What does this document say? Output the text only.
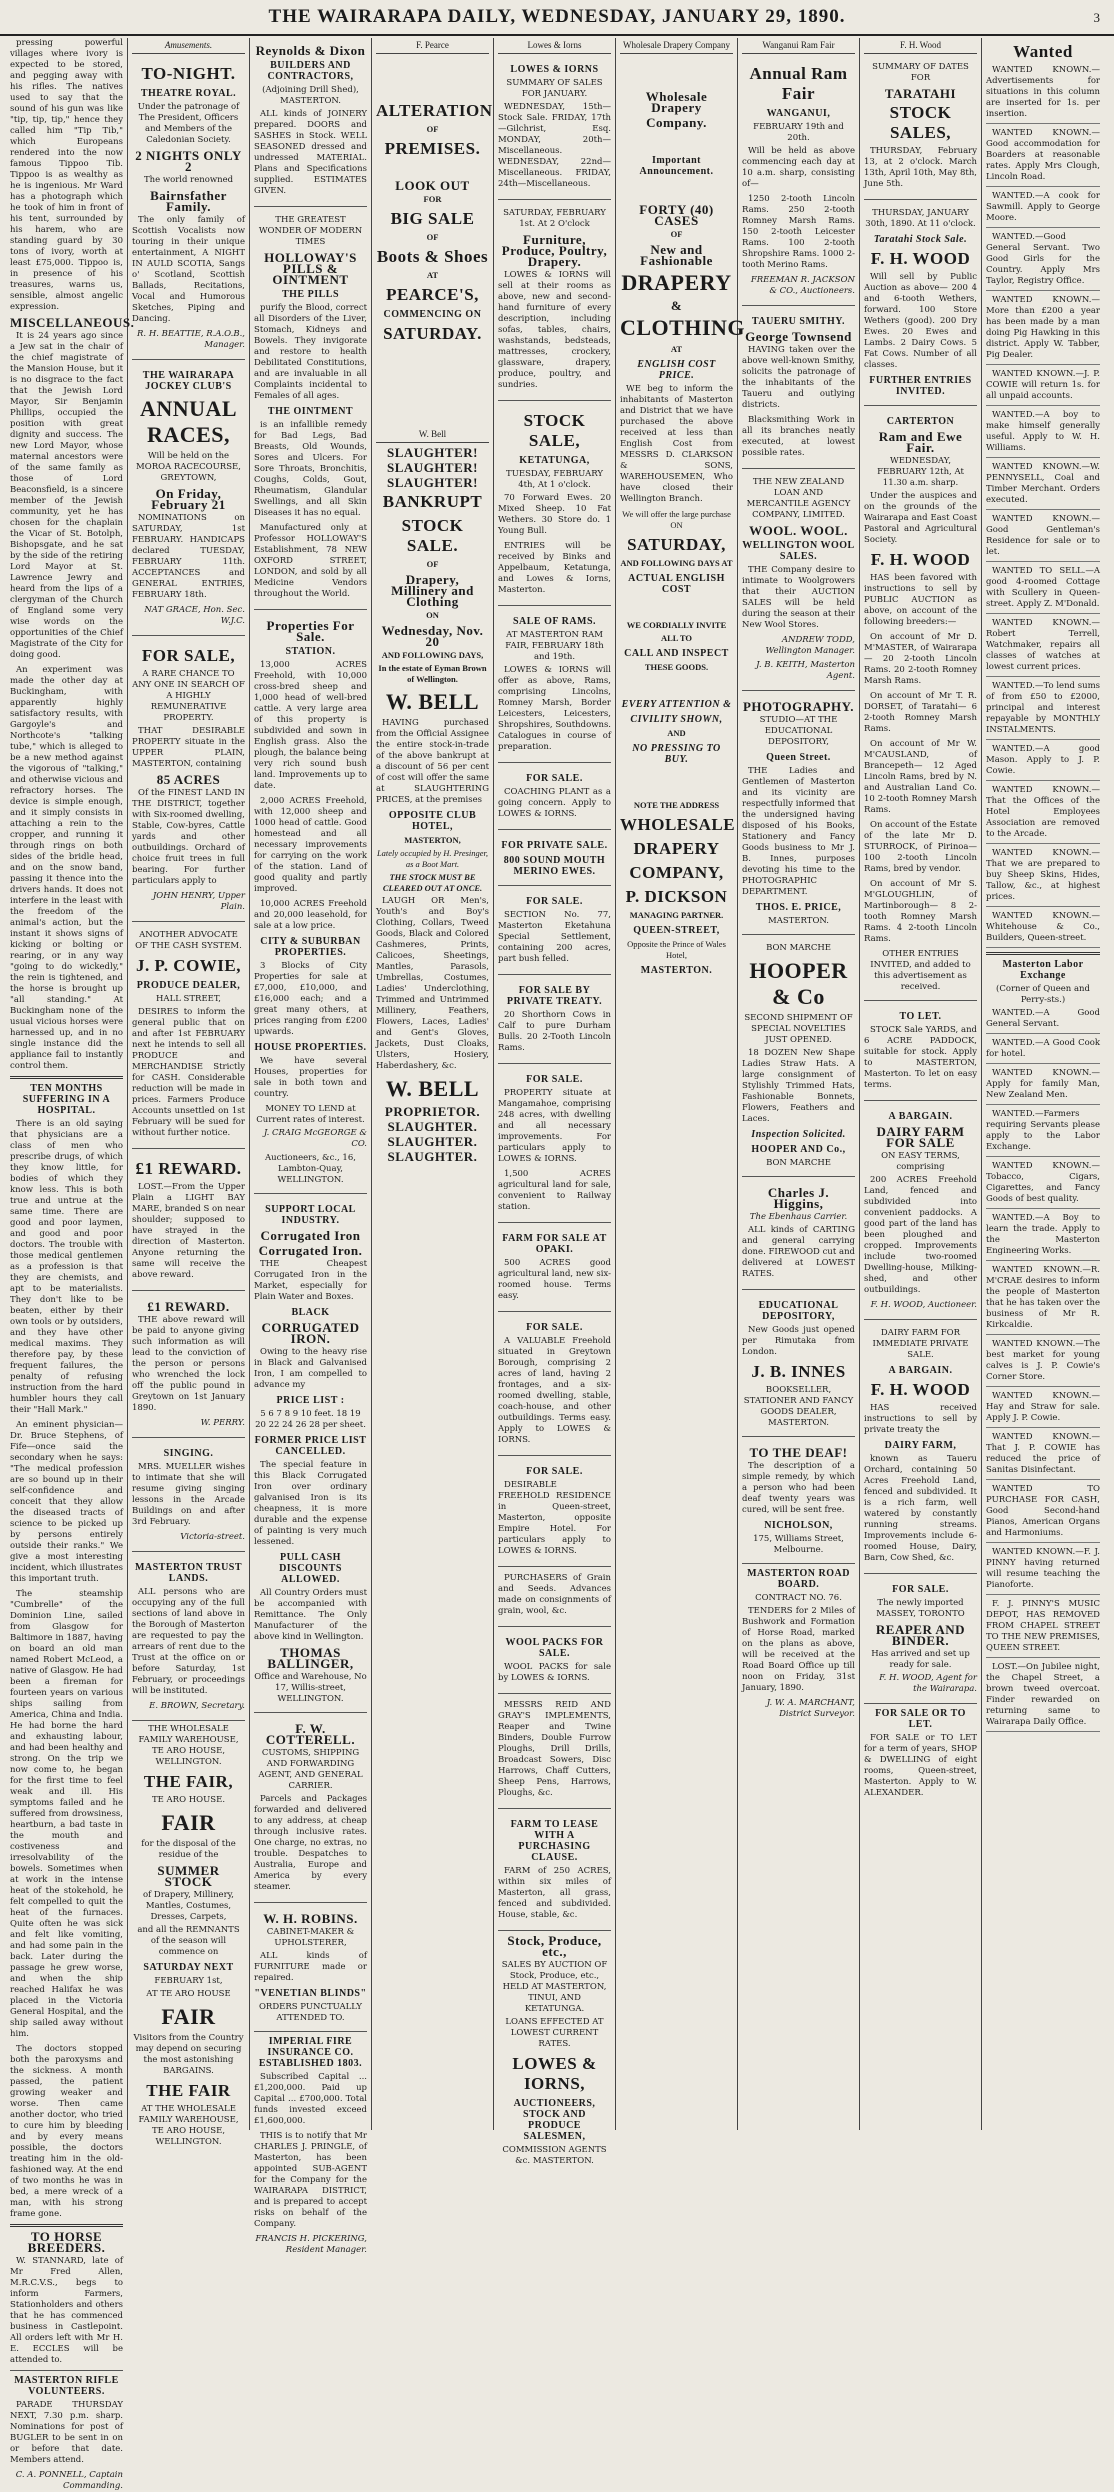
THE WAIRARAPA DAILY, WEDNESDAY, JANUARY 29, 1890.	3

pressing powerful villages where ivory is expected to be stored, and pegging away with his rifles. The natives used to say that the sound of his gun was like "tip, tip, tip," hence they called him "Tip Tib," which Europeans rendered into the now famous Tippoo Tib. Tippoo is as wealthy as he is ingenious. Mr Ward has a photograph which he took of him in front of his tent, surrounded by his harem, who are standing guard by 30 tons of ivory, worth at least £75,000. Tippoo is, in presence of his treasures, warns us, sensible, almost angelic expression.

MISCELLANEOUS.

It is 24 years ago since a Jew sat in the chair of the chief magistrate of the Mansion House, but it is no disgrace to the fact that the Jewish Lord Mayor, Sir Benjamin Phillips, occupied the position with great dignity and success. The new Lord Mayor, whose maternal ancestors were of the same family as those of Lord Beaconsfield, is a sincere member of the Jewish community, yet he has chosen for the chaplain the Vicar of St. Botolph, Bishopsgate, and he sat by the side of the retiring Lord Mayor at St. Lawrence Jewry and heard from the lips of a clergyman of the Church of England some very wise words on the opportunities of the Chief Magistrate of the City for doing good.

An experiment was made the other day at Buckingham, with apparently highly satisfactory results, with Gargoyle's and Northcote's "talking tube," which is alleged to be a new method against the vigorous of "talking," and otherwise vicious and refractory horses. The device is simple enough, and it simply consists in attaching a rein to the cropper, and running it through rings on both sides of the bridle head, and on the snow band, passing it thence into the drivers hands. It does not interfere in the least with the freedom of the animal's action, but the instant it shows signs of kicking or bolting or rearing, or in any way "going to do wickedly," the rein is tightened, and the horse is brought up "all standing." At Buckingham none of the usual vicious horses were harnessed up, and in no single instance did the appliance fail to instantly control them.

TEN MONTHS SUFFERING IN A HOSPITAL.

There is an old saying that physicians are a class of men who prescribe drugs, of which they know little, for bodies of which they know less. This is both true and untrue at the same time. There are good and poor laymen, and good and poor doctors. The trouble with those medical gentlemen as a profession is that they are chemists, and apt to be materialists. They don't like to be beaten, either by their own tools or by outsiders, and they have other medical maxims. They therefore pay, by these frequent failures, the penalty of refusing instruction from the hard humbler hours they call their "Hall Mark."

An eminent physician—Dr. Bruce Stephens, of Fife—once said the secondary when he says: "The medical profession are so bound up in their self-confidence and conceit that they allow the diseased tracts of science to be picked up by persons entirely outside their ranks." We give a most interesting incident, which illustrates this important truth.

The steamship "Cumbrelle" of the Dominion Line, sailed from Glasgow for Baltimore in 1887, having on board an old man named Robert McLeod, a native of Glasgow. He had been a fireman for fourteen years on various ships sailing from America, China and India. He had borne the hard and exhausting labour, and had been healthy and strong. On the trip we now come to, he began for the first time to feel weak and ill. His symptoms failed and he suffered from drowsiness, heartburn, a bad taste in the mouth and costiveness and irresolvability of the bowels. Sometimes when at work in the intense heat of the stokehold, he felt compelled to quit the heat of the furnaces. Quite often he was sick and felt like vomiting, and had some pain in the back. Later during the passage he grew worse, and when the ship reached Halifax he was placed in the Victoria General Hospital, and the ship sailed away without him.

The doctors stopped both the paroxysms and the sickness. A month passed, the patient growing weaker and worse. Then came another doctor, who tried to cure him by bleeding and by every means possible, the doctors treating him in the old-fashioned way. At the end of two months he was in bed, a mere wreck of a man, with his strong frame gone.

TO HORSE BREEDERS.

W. STANNARD, late of Mr Fred Allen, M.R.C.V.S., begs to inform Farmers, Stationholders and others that he has commenced business in Castlepoint. All orders left with Mr H. E. ECCLES will be attended to.

MASTERTON RIFLE VOLUNTEERS.

PARADE THURSDAY NEXT, 7.30 p.m. sharp. Nominations for post of BUGLER to be sent in on or before that date. Members attend.

C. A. PONNELL, Captain Commanding.
Amusements.
TO-NIGHT.
THEATRE ROYAL.
Under the patronage of The President, Officers and Members of the Caledonian Society.
2 NIGHTS ONLY 2
The world renowned
Bairnsfather Family.

The only family of Scottish Vocalists now touring in their unique entertainment, A NIGHT IN AULD SCOTIA, Sangs o' Scotland, Scottish Ballads, Recitations, Vocal and Humorous Sketches, Piping and Dancing.

R. H. BEATTIE, R.A.O.B., Manager.
THE WAIRARAPA JOCKEY CLUB'S
ANNUAL RACES,
Will be held on the MOROA RACECOURSE, GREYTOWN,
On Friday, February 21

NOMINATIONS on SATURDAY, 1st FEBRUARY. HANDICAPS declared TUESDAY, FEBRUARY 11th. ACCEPTANCES and GENERAL ENTRIES, FEBRUARY 18th.

NAT GRACE, Hon. Sec. W.J.C.
FOR SALE,
A RARE CHANCE TO ANY ONE IN SEARCH OF A HIGHLY REMUNERATIVE PROPERTY.

THAT DESIRABLE PROPERTY situate in the UPPER PLAIN, MASTERTON, containing

85 ACRES

Of the FINEST LAND IN THE DISTRICT, together with Six-roomed dwelling, Stable, Cow-byres, Cattle yards and other outbuildings. Orchard of choice fruit trees in full bearing. For further particulars apply to

JOHN HENRY, Upper Plain.
ANOTHER ADVOCATE OF THE CASH SYSTEM.
J. P. COWIE,
PRODUCE DEALER,
HALL STREET,

DESIRES to inform the general public that on and after 1st FEBRUARY next he intends to sell all PRODUCE and MERCHANDISE Strictly for CASH. Considerable reduction will be made in prices. Farmers Produce Accounts unsettled on 1st February will be sued for without further notice.

£1 REWARD.

LOST.—From the Upper Plain a LIGHT BAY MARE, branded S on near shoulder; supposed to have strayed in the direction of Masterton. Anyone returning the same will receive the above reward.

£1 REWARD.

THE above reward will be paid to anyone giving such information as will lead to the conviction of the person or persons who wrenched the lock off the public pound in Greytown on 1st January 1890.

W. PERRY.
SINGING.

MRS. MUELLER wishes to intimate that she will resume giving singing lessons in the Arcade Buildings on and after 3rd February.

Victoria-street.
MASTERTON TRUST LANDS.

ALL persons who are occupying any of the full sections of land above in the Borough of Masterton are requested to pay the arrears of rent due to the Trust at the office on or before Saturday, 1st February, or proceedings will be instituted.

E. BROWN, Secretary.
THE WHOLESALE FAMILY WAREHOUSE, TE ARO HOUSE, WELLINGTON.
THE FAIR,
TE ARO HOUSE.
FAIR
for the disposal of the residue of the
SUMMER STOCK
of Drapery, Millinery, Mantles, Costumes, Dresses, Carpets,
and all the REMNANTS of the season will commence on
SATURDAY NEXT
FEBRUARY 1st,
AT TE ARO HOUSE
FAIR
Visitors from the Country may depend on securing the most astonishing BARGAINS.
THE FAIR
AT THE WHOLESALE FAMILY WAREHOUSE, TE ARO HOUSE, WELLINGTON.
Reynolds & Dixon
BUILDERS AND CONTRACTORS,
(Adjoining Drill Shed), MASTERTON.

ALL kinds of JOINERY prepared. DOORS and SASHES in Stock. WELL SEASONED dressed and undressed MATERIAL. Plans and Specifications supplied. ESTIMATES GIVEN.

THE GREATEST WONDER OF MODERN TIMES
HOLLOWAY'S PILLS & OINTMENT
THE PILLS

purify the Blood, correct all Disorders of the Liver, Stomach, Kidneys and Bowels. They invigorate and restore to health Debilitated Constitutions, and are invaluable in all Complaints incidental to Females of all ages.

THE OINTMENT

is an infallible remedy for Bad Legs, Bad Breasts, Old Wounds, Sores and Ulcers. For Sore Throats, Bronchitis, Coughs, Colds, Gout, Rheumatism, Glandular Swellings, and all Skin Diseases it has no equal.

Manufactured only at Professor HOLLOWAY'S Establishment, 78 NEW OXFORD STREET, LONDON, and sold by all Medicine Vendors throughout the World.

Properties For Sale.
STATION.

13,000 ACRES Freehold, with 10,000 cross-bred sheep and 1,000 head of well-bred cattle. A very large area of this property is subdivided and sown in English grass. Also the plough, the balance being very rich sound bush land. Improvements up to date.

2,000 ACRES Freehold, with 12,000 sheep and 1000 head of cattle. Good homestead and all necessary improvements for carrying on the work of the station. Land of good quality and partly improved.

10,000 ACRES Freehold and 20,000 leasehold, for sale at a low price.

CITY & SUBURBAN PROPERTIES.

3 Blocks of City Properties for sale at £7,000, £10,000, and £16,000 each; and a great many others, at prices ranging from £200 upwards.

HOUSE PROPERTIES.

We have several Houses, properties for sale in both town and country.

MONEY TO LEND at Current rates of interest.
J. CRAIG McGEORGE & CO.
Auctioneers, &c., 16, Lambton-Quay, WELLINGTON.
SUPPORT LOCAL INDUSTRY.
Corrugated Iron
Corrugated Iron.

THE Cheapest Corrugated Iron in the Market, especially for Plain Water and Boxes.

BLACK
CORRUGATED IRON.

Owing to the heavy rise in Black and Galvanised Iron, I am compelled to advance my

PRICE LIST :
5 6 7 8 9 10 feet. 18 19 20 22 24 26 28 per sheet.
FORMER PRICE LIST CANCELLED.

The special feature in this Black Corrugated Iron over ordinary galvanised Iron is its cheapness, it is more durable and the expense of painting is very much lessened.

PULL CASH DISCOUNTS ALLOWED.

All Country Orders must be accompanied with Remittance. The Only Manufacturer of the above kind in Wellington.

THOMAS BALLINGER,
Office and Warehouse, No 17, Willis-street, WELLINGTON.
F. W. COTTERELL.
CUSTOMS, SHIPPING AND FORWARDING AGENT, AND GENERAL CARRIER.

Parcels and Packages forwarded and delivered to any address, at cheap through inclusive rates. One charge, no extras, no trouble. Despatches to Australia, Europe and America by every steamer.

W. H. ROBINS.
CABINET-MAKER & UPHOLSTERER,

ALL kinds of FURNITURE made or repaired.

"VENETIAN BLINDS"
ORDERS PUNCTUALLY ATTENDED TO.
IMPERIAL FIRE INSURANCE CO. ESTABLISHED 1803.

Subscribed Capital ... £1,200,000. Paid up Capital ... £700,000. Total funds invested exceed £1,600,000.

THIS is to notify that Mr CHARLES J. PRINGLE, of Masterton, has been appointed SUB-AGENT for the Company for the WAIRARAPA DISTRICT, and is prepared to accept risks on behalf of the Company.

FRANCIS H. PICKERING, Resident Manager.
F. Pearce
ALTERATION
OF
PREMISES.
LOOK OUT
FOR
BIG SALE
OF
Boots & Shoes
AT
PEARCE'S,
COMMENCING ON
SATURDAY.
W. Bell
SLAUGHTER!
SLAUGHTER!
SLAUGHTER!
BANKRUPT
STOCK SALE.
OF
Drapery, Millinery and Clothing
ON
Wednesday, Nov. 20
AND FOLLOWING DAYS,
In the estate of Eyman Brown of Wellington.
W. BELL

HAVING purchased from the Official Assignee the entire stock-in-trade of the above bankrupt at a discount of 56 per cent of cost will offer the same at SLAUGHTERING PRICES, at the premises

OPPOSITE CLUB HOTEL,
MASTERTON,
Lately occupied by H. Presinger, as a Boot Mart.
THE STOCK MUST BE CLEARED OUT AT ONCE.

LAUGH OR Men's, Youth's and Boy's Clothing, Collars, Tweed Goods, Black and Colored Cashmeres, Prints, Calicoes, Sheetings, Mantles, Parasols, Umbrellas, Costumes, Ladies' Underclothing, Trimmed and Untrimmed Millinery, Feathers, Flowers, Laces, Ladies' and Gent's Gloves, Jackets, Dust Cloaks, Ulsters, Hosiery, Haberdashery, &c.

W. BELL
PROPRIETOR.
SLAUGHTER.
SLAUGHTER.
SLAUGHTER.
Lowes & Iorns
LOWES & IORNS
SUMMARY OF SALES FOR JANUARY.

WEDNESDAY, 15th—Stock Sale. FRIDAY, 17th—Gilchrist, Esq. MONDAY, 20th—Miscellaneous. WEDNESDAY, 22nd—Miscellaneous. FRIDAY, 24th—Miscellaneous.

SATURDAY, FEBRUARY 1st. At 2 O'clock
Furniture, Produce, Poultry, Drapery.

LOWES & IORNS will sell at their rooms as above, new and second-hand furniture of every description, including sofas, tables, chairs, washstands, bedsteads, mattresses, crockery, glassware, drapery, produce, poultry, and sundries.

STOCK SALE,
KETATUNGA,
TUESDAY, FEBRUARY 4th, At 1 o'clock.

70 Forward Ewes. 20 Mixed Sheep. 10 Fat Wethers. 30 Store do. 1 Young Bull.

ENTRIES will be received by Binks and Appelbaum, Ketatunga, and Lowes & Iorns, Masterton.

SALE OF RAMS.
AT MASTERTON RAM FAIR, FEBRUARY 18th and 19th.

LOWES & IORNS will offer as above, Rams, comprising Lincolns, Romney Marsh, Border Leicesters, Leicesters, Shropshires, Southdowns. Catalogues in course of preparation.

FOR SALE.

COACHING PLANT as a going concern. Apply to LOWES & IORNS.

FOR PRIVATE SALE.
800 SOUND MOUTH MERINO EWES.
FOR SALE.

SECTION No. 77, Masterton Eketahuna Special Settlement, containing 200 acres, part bush felled.

FOR SALE BY PRIVATE TREATY.

20 Shorthorn Cows in Calf to pure Durham Bulls. 20 2-Tooth Lincoln Rams.

FOR SALE.

PROPERTY situate at Mangamahoe, comprising 248 acres, with dwelling and all necessary improvements. For particulars apply to LOWES & IORNS.

1,500 ACRES agricultural land for sale, convenient to Railway station.

FARM FOR SALE AT OPAKI.

500 ACRES good agricultural land, new six-roomed house. Terms easy.

FOR SALE.

A VALUABLE Freehold situated in Greytown Borough, comprising 2 acres of land, having 2 frontages, and a six-roomed dwelling, stable, coach-house, and other outbuildings. Terms easy. Apply to LOWES & IORNS.

FOR SALE.

DESIRABLE FREEHOLD RESIDENCE in Queen-street, Masterton, opposite Empire Hotel. For particulars apply to LOWES & IORNS.

PURCHASERS of Grain and Seeds. Advances made on consignments of grain, wool, &c.

WOOL PACKS FOR SALE.

WOOL PACKS for sale by LOWES & IORNS.

MESSRS REID AND GRAY'S IMPLEMENTS, Reaper and Twine Binders, Double Furrow Ploughs, Drill Drills, Broadcast Sowers, Disc Harrows, Chaff Cutters, Sheep Pens, Harrows, Ploughs, &c.

FARM TO LEASE WITH A PURCHASING CLAUSE.

FARM of 250 ACRES, within six miles of Masterton, all grass, fenced and subdivided. House, stable, &c.

Stock, Produce, etc.,
SALES BY AUCTION OF Stock, Produce, etc., HELD AT MASTERTON, TINUI, AND KETATUNGA.
LOANS EFFECTED AT LOWEST CURRENT RATES.
LOWES & IORNS,
AUCTIONEERS, STOCK AND PRODUCE SALESMEN,
COMMISSION AGENTS &c. MASTERTON.
Wholesale Drapery Company
Wholesale Drapery
Company.
Important Announcement.
FORTY (40) CASES
OF
New and Fashionable
DRAPERY
&
CLOTHING
AT
ENGLISH COST PRICE.

WE beg to inform the inhabitants of Masterton and District that we have purchased the above received at less than English Cost from MESSRS D. CLARKSON & SONS, WAREHOUSEMEN, Who have closed their Wellington Branch.

We will offer the large purchase ON
SATURDAY,
AND FOLLOWING DAYS AT
ACTUAL ENGLISH COST
WE CORDIALLY INVITE
ALL TO
CALL AND INSPECT
THESE GOODS.
EVERY ATTENTION &
CIVILITY SHOWN,
AND
NO PRESSING TO BUY.
NOTE THE ADDRESS
WHOLESALE
DRAPERY
COMPANY,
P. DICKSON
MANAGING PARTNER.
QUEEN-STREET,
Opposite the Prince of Wales Hotel,
MASTERTON.
Wanganui Ram Fair
Annual Ram Fair
WANGANUI,
FEBRUARY 19th and 20th.

Will be held as above commencing each day at 10 a.m. sharp, consisting of—

1250 2-tooth Lincoln Rams. 250 2-tooth Romney Marsh Rams. 150 2-tooth Leicester Rams. 100 2-tooth Shropshire Rams. 1000 2-tooth Merino Rams.

FREEMAN R. JACKSON & CO., Auctioneers.
TAUERU SMITHY.
George Townsend

HAVING taken over the above well-known Smithy, solicits the patronage of the inhabitants of the Taueru and outlying districts.

Blacksmithing Work in all its branches neatly executed, at lowest possible rates.

THE NEW ZEALAND LOAN AND MERCANTILE AGENCY COMPANY, LIMITED.
WOOL. WOOL.
WELLINGTON WOOL SALES.

THE Company desire to intimate to Woolgrowers that their AUCTION SALES will be held during the season at their New Wool Stores.

ANDREW TODD, Wellington Manager.
J. B. KEITH, Masterton Agent.
PHOTOGRAPHY.
STUDIO—AT THE EDUCATIONAL DEPOSITORY,
Queen Street.

THE Ladies and Gentlemen of Masterton and its vicinity are respectfully informed that the undersigned having disposed of his Books, Stationery and Fancy Goods business to Mr J. B. Innes, purposes devoting his time to the PHOTOGRAPHIC DEPARTMENT.

THOS. E. PRICE,
MASTERTON.
BON MARCHE
HOOPER & Co
SECOND SHIPMENT OF SPECIAL NOVELTIES JUST OPENED.

18 DOZEN New Shape Ladies Straw Hats. A large consignment of Stylishly Trimmed Hats, Fashionable Bonnets, Flowers, Feathers and Laces.

Inspection Solicited.
HOOPER AND Co.,
BON MARCHE
Charles J. Higgins,
The Ebenhaus Carrier.

ALL kinds of CARTING and general carrying done. FIREWOOD cut and delivered at LOWEST RATES.

EDUCATIONAL DEPOSITORY,

New Goods just opened per Rimutaka from London.

J. B. INNES
BOOKSELLER, STATIONER AND FANCY GOODS DEALER, MASTERTON.
TO THE DEAF!

The description of a simple remedy, by which a person who had been deaf twenty years was cured, will be sent free.

NICHOLSON,
175, Williams Street, Melbourne.
MASTERTON ROAD BOARD.
CONTRACT NO. 76.

TENDERS for 2 Miles of Bushwork and Formation of Horse Road, marked on the plans as above, will be received at the Road Board Office up till noon on Friday, 31st January, 1890.

J. W. A. MARCHANT, District Surveyor.
F. H. Wood
SUMMARY OF DATES FOR
TARATAHI
STOCK SALES,

THURSDAY, February 13, at 2 o'clock. March 13th, April 10th, May 8th, June 5th.

THURSDAY, JANUARY 30th, 1890. At 11 o'clock.
Taratahi Stock Sale.
F. H. WOOD

Will sell by Public Auction as above— 200 4 and 6-tooth Wethers, forward. 100 Store Wethers (good). 200 Dry Ewes. 20 Ewes and Lambs. 2 Dairy Cows. 5 Fat Cows. Number of all classes.

FURTHER ENTRIES INVITED.
CARTERTON
Ram and Ewe Fair.
WEDNESDAY, FEBRUARY 12th, At 11.30 a.m. sharp.

Under the auspices and on the grounds of the Wairarapa and East Coast Pastoral and Agricultural Society.

F. H. WOOD

HAS been favored with instructions to sell by PUBLIC AUCTION as above, on account of the following breeders:—

On account of Mr D. M'MASTER, of Wairarapa— 20 2-tooth Lincoln Rams. 20 2-tooth Romney Marsh Rams.

On account of Mr T. R. DORSET, of Taratahi— 6 2-tooth Romney Marsh Rams.

On account of Mr W. M'CAUSLAND, of Brancepeth— 12 Aged Lincoln Rams, bred by N. and Australian Land Co. 10 2-tooth Romney Marsh Rams.

On account of the Estate of the late Mr D. STURROCK, of Pirinoa— 100 2-tooth Lincoln Rams, bred by vendor.

On account of Mr S. M'GLOUGHLIN, of Martinborough— 8 2-tooth Romney Marsh Rams. 4 2-tooth Lincoln Rams.

OTHER ENTRIES INVITED, and added to this advertisement as received.
TO LET.

STOCK Sale YARDS, and 6 ACRE PADDOCK, suitable for stock. Apply to MASTERTON, Masterton. To let on easy terms.

A BARGAIN.
DAIRY FARM FOR SALE
ON EASY TERMS, comprising

200 ACRES Freehold Land, fenced and subdivided into convenient paddocks. A good part of the land has been ploughed and cropped. Improvements include two-roomed Dwelling-house, Milking-shed, and other outbuildings.

F. H. WOOD, Auctioneer.
DAIRY FARM FOR IMMEDIATE PRIVATE SALE.
A BARGAIN.
F. H. WOOD

HAS received instructions to sell by private treaty the

DAIRY FARM,

known as Taueru Orchard, containing 50 Acres Freehold Land, fenced and subdivided. It is a rich farm, well watered by constantly running streams. Improvements include 6-roomed House, Dairy, Barn, Cow Shed, &c.

FOR SALE.
The newly imported MASSEY, TORONTO
REAPER AND BINDER.
Has arrived and set up ready for sale.
F. H. WOOD, Agent for the Wairarapa.
FOR SALE OR TO LET.

FOR SALE or TO LET for a term of years, SHOP & DWELLING of eight rooms, Queen-street, Masterton. Apply to W. ALEXANDER.

Wanted

WANTED KNOWN.—Advertisements for situations in this column are inserted for 1s. per insertion.

WANTED KNOWN.—Good accommodation for Boarders at reasonable rates. Apply Mrs Clough, Lincoln Road.

WANTED.—A cook for Sawmill. Apply to George Moore.

WANTED.—Good General Servant. Two Good Girls for the Country. Apply Mrs Taylor, Registry Office.

WANTED KNOWN.—More than £200 a year has been made by a man doing Pig Hawking in this district. Apply W. Tabber, Pig Dealer.

WANTED KNOWN.—J. P. COWIE will return 1s. for all unpaid accounts.

WANTED.—A boy to make himself generally useful. Apply to W. H. Williams.

WANTED KNOWN.—W. PENNYSELL, Coal and Timber Merchant. Orders executed.

WANTED KNOWN.—Good Gentleman's Residence for sale or to let.

WANTED TO SELL.—A good 4-roomed Cottage with Scullery in Queen-street. Apply Z. M'Donald.

WANTED KNOWN.—Robert Terrell, Watchmaker, repairs all classes of watches at lowest current prices.

WANTED.—To lend sums of from £50 to £2000, principal and interest repayable by MONTHLY INSTALMENTS.

WANTED.—A good Mason. Apply to J. P. Cowie.

WANTED KNOWN.—That the Offices of the Hotel Employees Association are removed to the Arcade.

WANTED KNOWN.—That we are prepared to buy Sheep Skins, Hides, Tallow, &c., at highest prices.

WANTED KNOWN.—Whitehouse & Co., Builders, Queen-street.

Masterton Labor Exchange
(Corner of Queen and Perry-sts.)

WANTED.—A Good General Servant.

WANTED.—A Good Cook for hotel.

WANTED KNOWN.—Apply for family Man, New Zealand Men.

WANTED.—Farmers requiring Servants please apply to the Labor Exchange.

WANTED KNOWN.—Tobacco, Cigars, Cigarettes, and Fancy Goods of best quality.

WANTED.—A Boy to learn the trade. Apply to the Masterton Engineering Works.

WANTED KNOWN.—R. M'CRAE desires to inform the people of Masterton that he has taken over the business of Mr R. Kirkcaldie.

WANTED KNOWN.—The best market for young calves is J. P. Cowie's Corner Store.

WANTED KNOWN.—Hay and Straw for sale. Apply J. P. Cowie.

WANTED KNOWN.—That J. P. COWIE has reduced the price of Sanitas Disinfectant.

WANTED TO PURCHASE FOR CASH, Good Second-hand Pianos, American Organs and Harmoniums.

WANTED KNOWN.—F. J. PINNY having returned will resume teaching the Pianoforte.

F. J. PINNY'S MUSIC DEPOT, HAS REMOVED FROM CHAPEL STREET TO THE NEW PREMISES, QUEEN STREET.

LOST.—On Jubilee night, the Chapel Street, a brown tweed overcoat. Finder rewarded on returning same to Wairarapa Daily Office.
